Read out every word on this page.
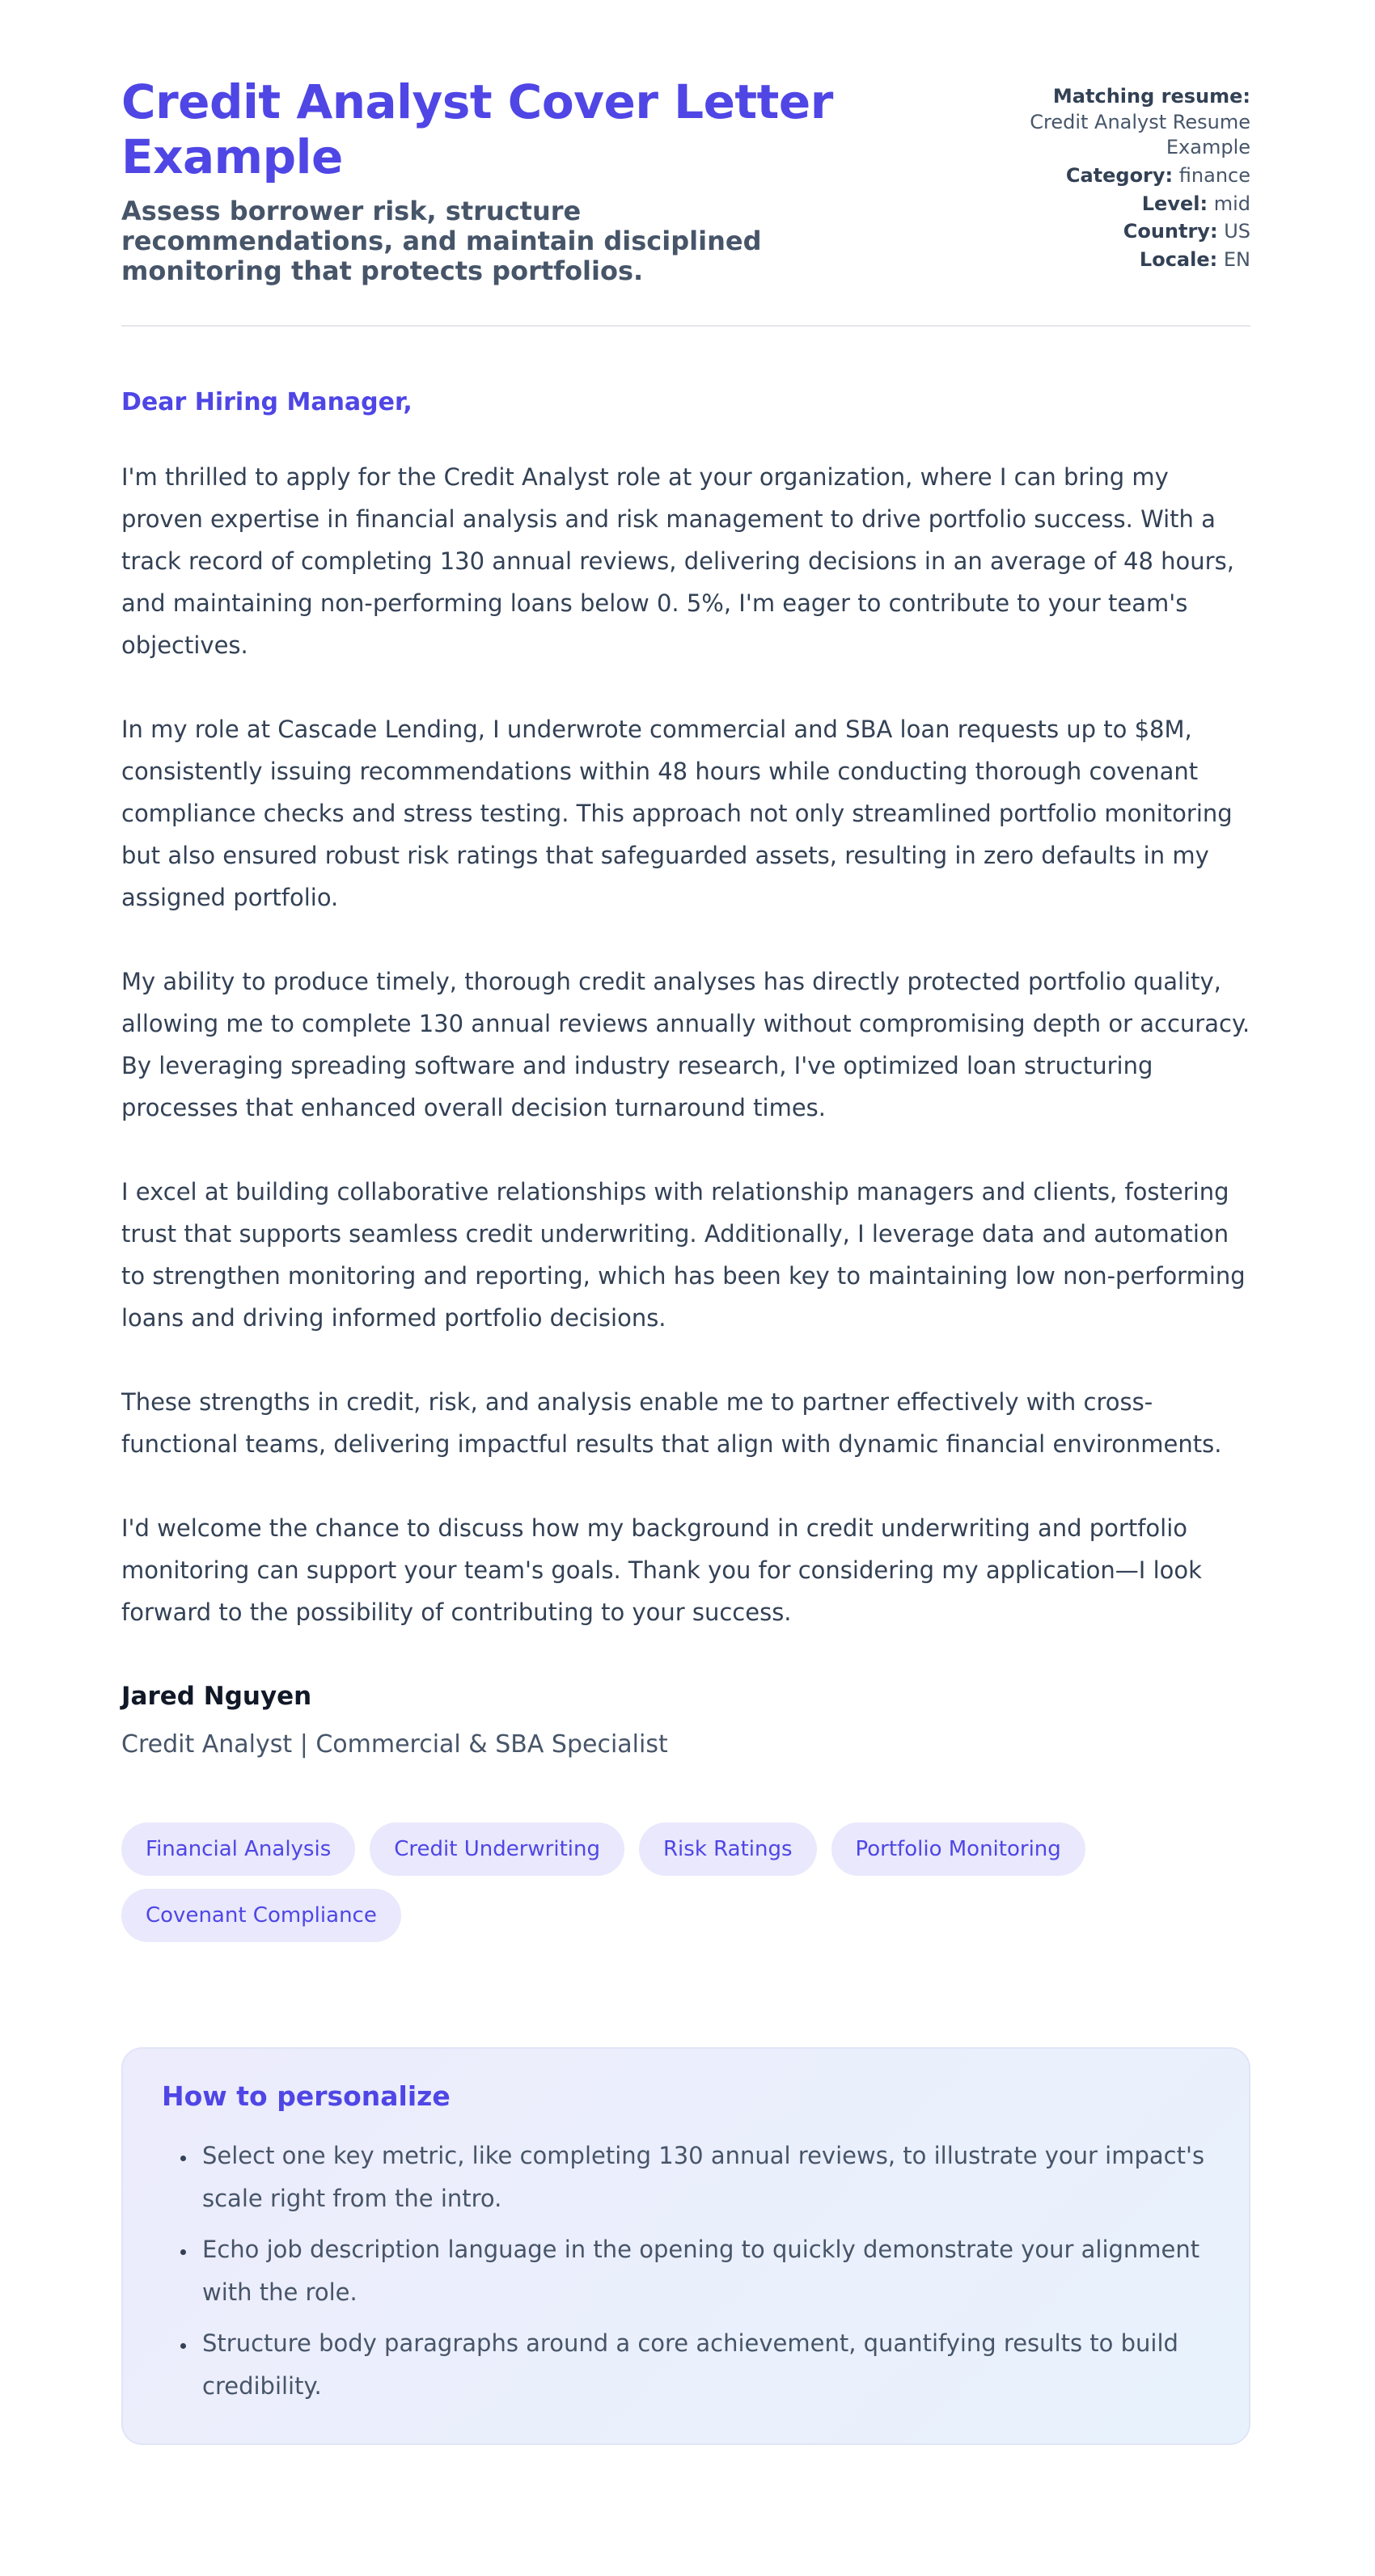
Credit Analyst Cover Letter Example

Assess borrower risk, structure recommendations, and maintain disciplined monitoring that protects portfolios.

Matching resume:
Credit Analyst Resume Example
Category: finance
Level: mid
Country: US
Locale: EN

Dear Hiring Manager,

I'm thrilled to apply for the Credit Analyst role at your organization, where I can bring my proven expertise in financial analysis and risk management to drive portfolio success. With a track record of completing 130 annual reviews, delivering decisions in an average of 48 hours, and maintaining non-performing loans below 0. 5%, I'm eager to contribute to your team's objectives.

In my role at Cascade Lending, I underwrote commercial and SBA loan requests up to $8M, consistently issuing recommendations within 48 hours while conducting thorough covenant compliance checks and stress testing. This approach not only streamlined portfolio monitoring but also ensured robust risk ratings that safeguarded assets, resulting in zero defaults in my assigned portfolio.

My ability to produce timely, thorough credit analyses has directly protected portfolio quality, allowing me to complete 130 annual reviews annually without compromising depth or accuracy. By leveraging spreading software and industry research, I've optimized loan structuring processes that enhanced overall decision turnaround times.

I excel at building collaborative relationships with relationship managers and clients, fostering trust that supports seamless credit underwriting. Additionally, I leverage data and automation to strengthen monitoring and reporting, which has been key to maintaining low non-performing loans and driving informed portfolio decisions.

These strengths in credit, risk, and analysis enable me to partner effectively with cross-functional teams, delivering impactful results that align with dynamic financial environments.

I'd welcome the chance to discuss how my background in credit underwriting and portfolio monitoring can support your team's goals. Thank you for considering my application—I look forward to the possibility of contributing to your success.

Jared Nguyen

Credit Analyst | Commercial & SBA Specialist

Financial Analysis	Credit Underwriting	Risk Ratings	Portfolio Monitoring
Covenant Compliance
How to personalize
• Select one key metric, like completing 130 annual reviews, to illustrate your impact's scale right from the intro.
• Echo job description language in the opening to quickly demonstrate your alignment with the role.
• Structure body paragraphs around a core achievement, quantifying results to build credibility.
